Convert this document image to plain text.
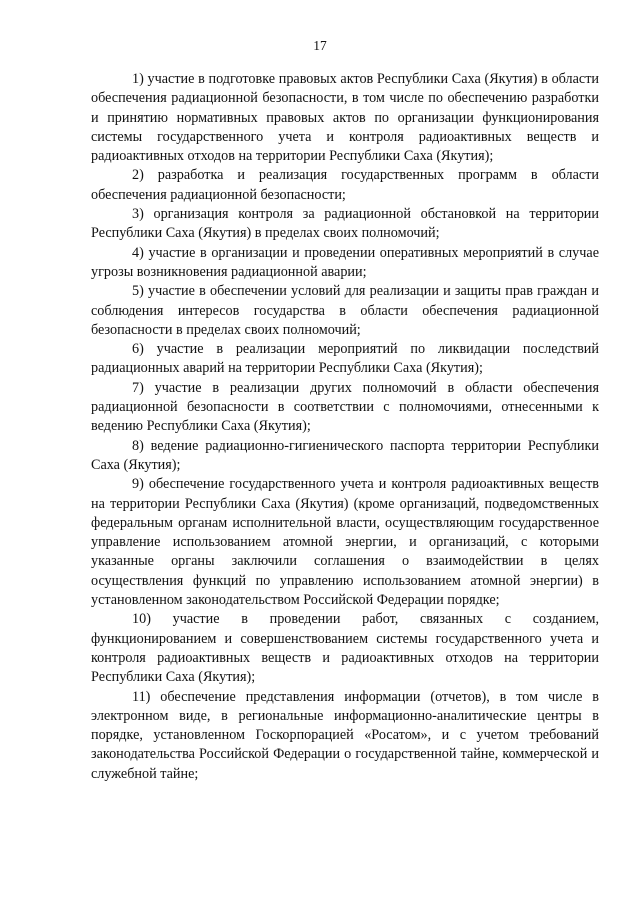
17

1) участие в подготовке правовых актов Республики Саха (Якутия) в области обеспечения радиационной безопасности, в том числе по обеспечению разработки и принятию нормативных правовых актов по организации функционирования системы государственного учета и контроля радиоактивных веществ и радиоактивных отходов на территории Республики Саха (Якутия);

2) разработка и реализация государственных программ в области обеспечения радиационной безопасности;

3) организация контроля за радиационной обстановкой на территории Республики Саха (Якутия) в пределах своих полномочий;

4) участие в организации и проведении оперативных мероприятий в случае угрозы возникновения радиационной аварии;

5) участие в обеспечении условий для реализации и защиты прав граждан и соблюдения интересов государства в области обеспечения радиационной безопасности в пределах своих полномочий;

6) участие в реализации мероприятий по ликвидации последствий радиационных аварий на территории Республики Саха (Якутия);

7) участие в реализации других полномочий в области обеспечения радиационной безопасности в соответствии с полномочиями, отнесенными к ведению Республики Саха (Якутия);

8) ведение радиационно-гигиенического паспорта территории Республики Саха (Якутия);

9) обеспечение государственного учета и контроля радиоактивных веществ на территории Республики Саха (Якутия) (кроме организаций, подведомственных федеральным органам исполнительной власти, осуществляющим государственное управление использованием атомной энергии, и организаций, с которыми указанные органы заключили соглашения о взаимодействии в целях осуществления функций по управлению использованием атомной энергии) в установленном законодательством Российской Федерации порядке;

10) участие в проведении работ, связанных с созданием, функционированием и совершенствованием системы государственного учета и контроля радиоактивных веществ и радиоактивных отходов на территории Республики Саха (Якутия);

11) обеспечение представления информации (отчетов), в том числе в электронном виде, в региональные информационно-аналитические центры в порядке, установленном Госкорпорацией «Росатом», и с учетом требований законодательства Российской Федерации о государственной тайне, коммерческой и служебной тайне;
